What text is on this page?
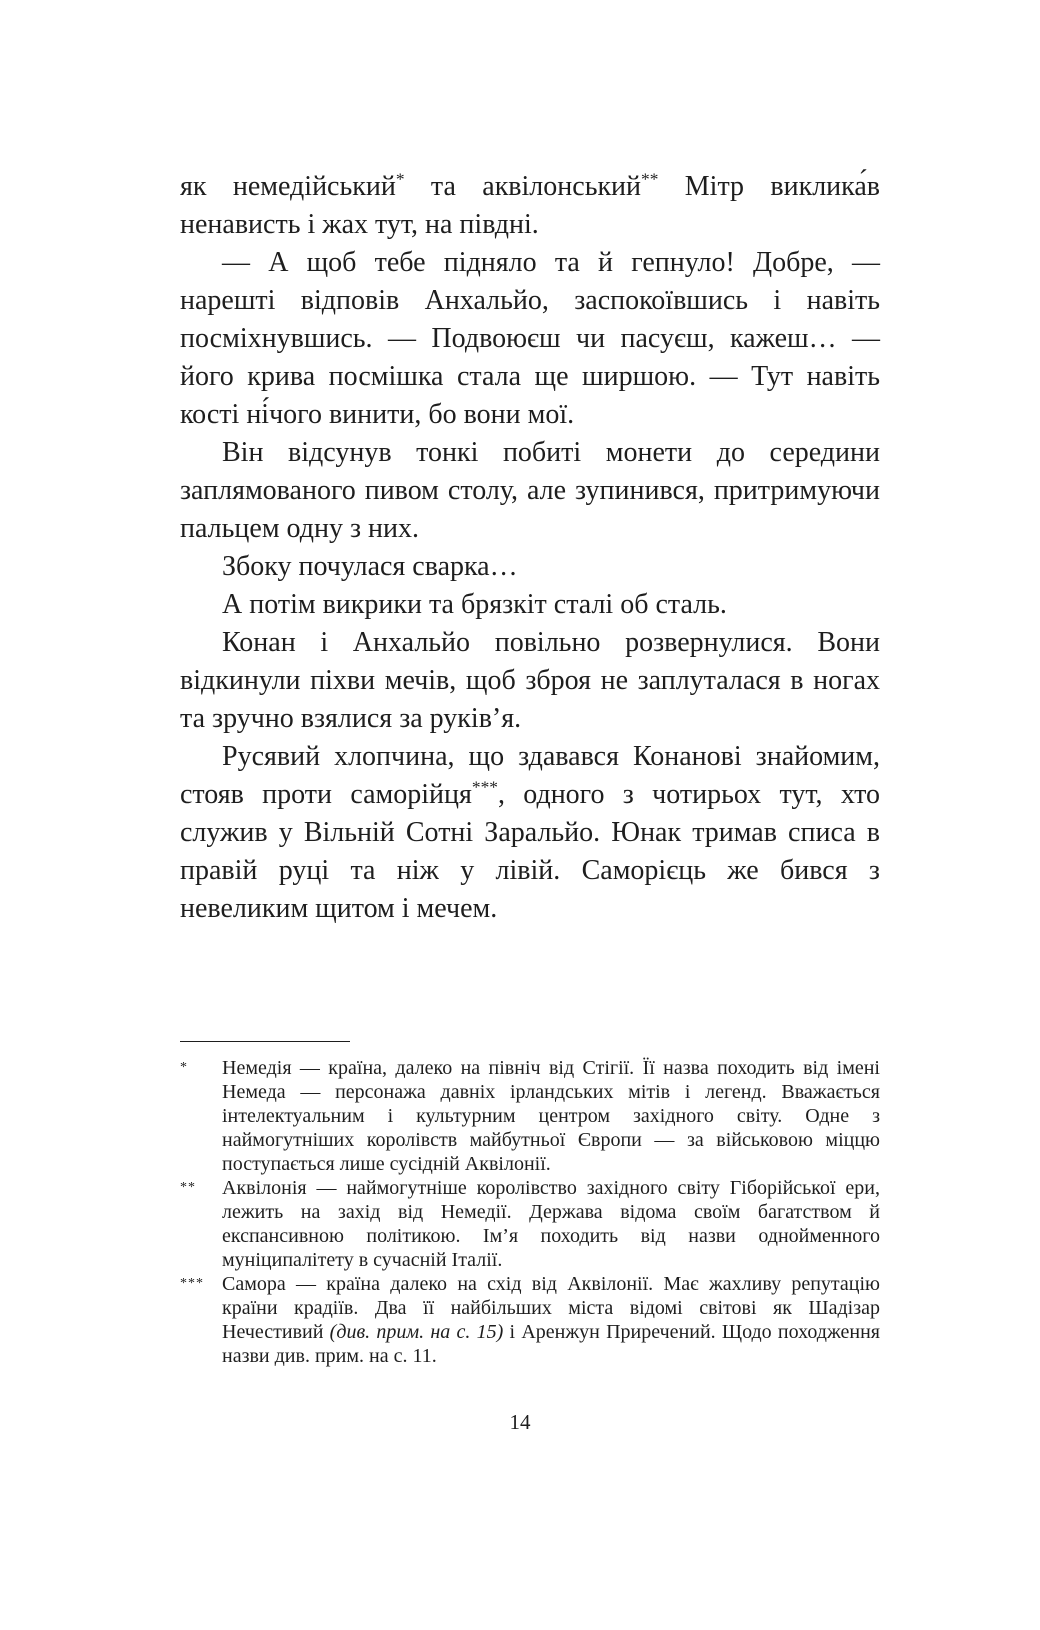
як немедійський* та аквілонський** Мітр виклика́в ненависть і жах тут, на півдні.

— А щоб тебе підняло та й гепнуло! Добре, — нарешті відповів Анхальйо, заспокоївшись і навіть посміхнувшись. — Подвоюєш чи пасуєш, кажеш… — його крива посмішка стала ще ширшою. — Тут навіть кості ні́чого винити, бо вони мої.

Він відсунув тонкі побиті монети до середини заплямованого пивом столу, але зупинився, притримуючи пальцем одну з них.

Збоку почулася сварка…

А потім викрики та брязкіт сталі об сталь.

Конан і Анхальйо повільно розвернулися. Вони відкинули піхви мечів, щоб зброя не заплуталася в ногах та зручно взялися за руків’я.

Русявий хлопчина, що здавався Конанові знайомим, стояв проти саморійця***, одного з чотирьох тут, хто служив у Вільній Сотні Заральйо. Юнак тримав списа в правій руці та ніж у лівій. Саморієць же бився з невеликим щитом і мечем.

* Немедія — країна, далеко на північ від Стігії. Її назва походить від імені Немеда — персонажа давніх ірландських мітів і легенд. Вважається інтелектуальним і культурним центром західного світу. Одне з наймогутніших королівств майбутньої Європи — за військовою міццю поступається лише сусідній Аквілонії.
** Аквілонія — наймогутніше королівство західного світу Гіборійської ери, лежить на захід від Немедії. Держава відома своїм багатством й експансивною політикою. Ім’я походить від назви однойменного муніципалітету в сучасній Італії.
*** Самора — країна далеко на схід від Аквілонії. Має жахливу репутацію країни крадіїв. Два її найбільших міста відомі світові як Шадізар Нечестивий (див. прим. на с. 15) і Аренжун Приречений. Щодо походження назви див. прим. на с. 11.
14
